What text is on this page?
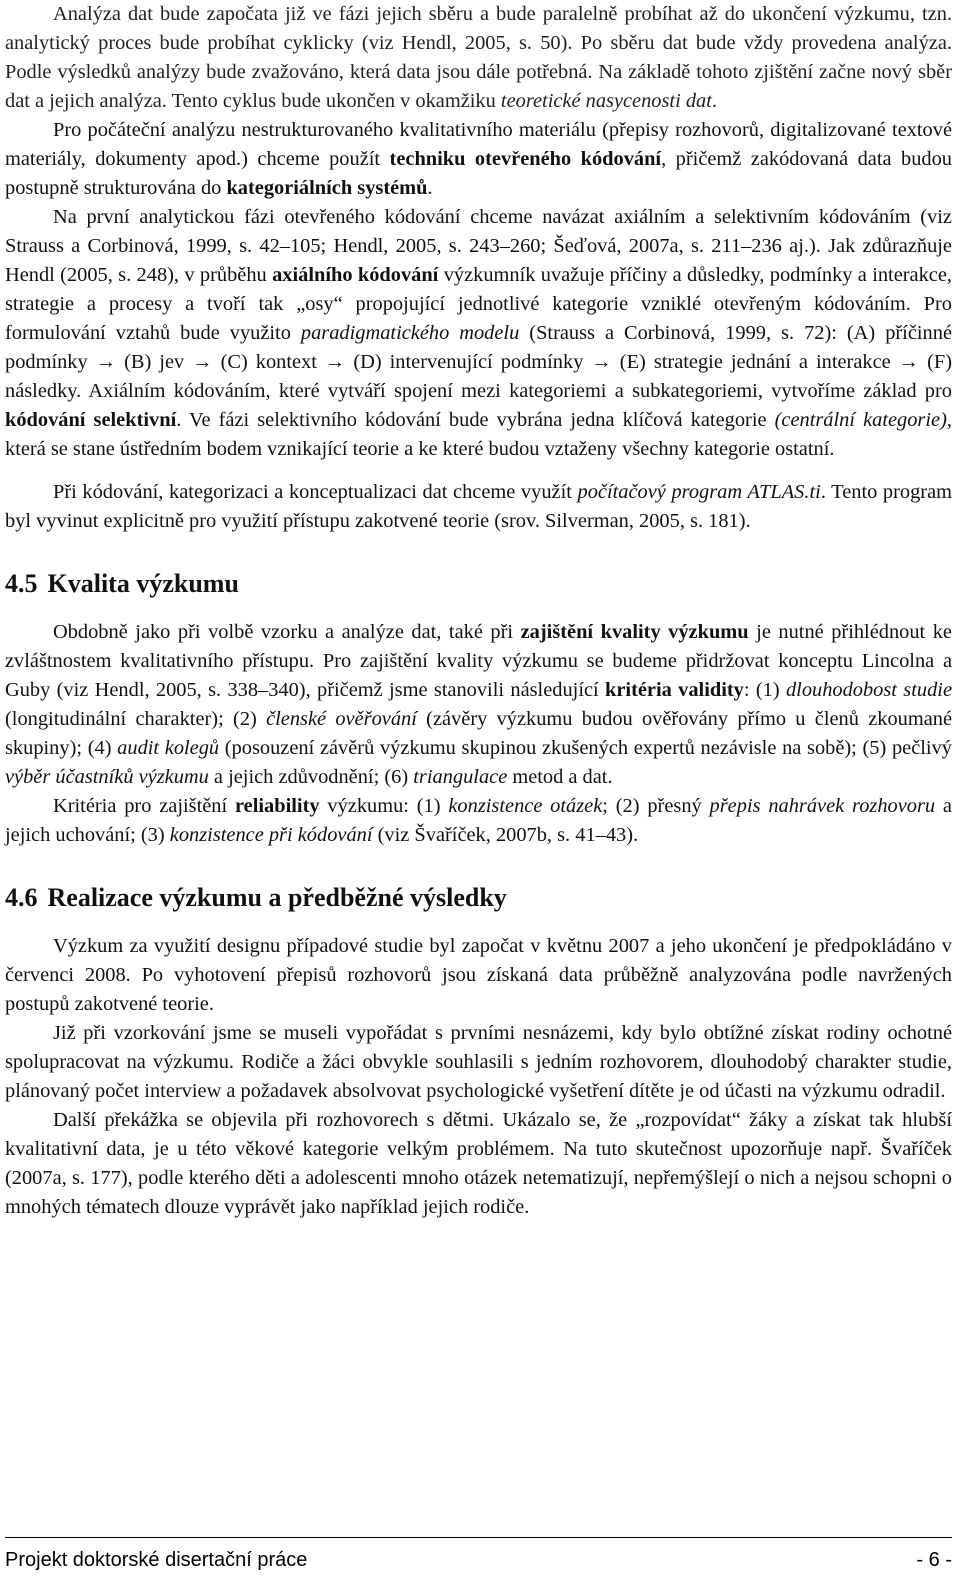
Analýza dat bude započata již ve fázi jejich sběru a bude paralelně probíhat až do ukončení výzkumu, tzn. analytický proces bude probíhat cyklicky (viz Hendl, 2005, s. 50). Po sběru dat bude vždy provedena analýza. Podle výsledků analýzy bude zvažováno, která data jsou dále potřebná. Na základě tohoto zjištění začne nový sběr dat a jejich analýza. Tento cyklus bude ukončen v okamžiku teoretické nasycenosti dat.

Pro počáteční analýzu nestrukturovaného kvalitativního materiálu (přepisy rozhovorů, digitalizované textové materiály, dokumenty apod.) chceme použít techniku otevřeného kódování, přičemž zakódovaná data budou postupně strukturována do kategoriálních systémů.

Na první analytickou fázi otevřeného kódování chceme navázat axiálním a selektivním kódováním (viz Strauss a Corbinová, 1999, s. 42–105; Hendl, 2005, s. 243–260; Šeďová, 2007a, s. 211–236 aj.). Jak zdůrazňuje Hendl (2005, s. 248), v průběhu axiálního kódování výzkumník uvažuje příčiny a důsledky, podmínky a interakce, strategie a procesy a tvoří tak „osy“ propojující jednotlivé kategorie vzniklé otevřeným kódováním. Pro formulování vztahů bude využito paradigmatického modelu (Strauss a Corbinová, 1999, s. 72): (A) příčinné podmínky → (B) jev → (C) kontext → (D) intervenující podmínky → (E) strategie jednání a interakce → (F) následky. Axiálním kódováním, které vytváří spojení mezi kategoriemi a subkategoriemi, vytvoříme základ pro kódování selektivní. Ve fázi selektivního kódování bude vybrána jedna klíčová kategorie (centrální kategorie), která se stane ústředním bodem vznikající teorie a ke které budou vztaženy všechny kategorie ostatní.

Při kódování, kategorizaci a konceptualizaci dat chceme využít počítačový program ATLAS.ti. Tento program byl vyvinut explicitně pro využití přístupu zakotvené teorie (srov. Silverman, 2005, s. 181).

4.5 Kvalita výzkumu

Obdobně jako při volbě vzorku a analýze dat, také při zajištění kvality výzkumu je nutné přihlédnout ke zvláštnostem kvalitativního přístupu. Pro zajištění kvality výzkumu se budeme přidržovat konceptu Lincolna a Guby (viz Hendl, 2005, s. 338–340), přičemž jsme stanovili následující kritéria validity: (1) dlouhodobost studie (longitudinální charakter); (2) členské ověřování (závěry výzkumu budou ověřovány přímo u členů zkoumané skupiny); (4) audit kolegů (posouzení závěrů výzkumu skupinou zkušených expertů nezávisle na sobě); (5) pečlivý výběr účastníků výzkumu a jejich zdůvodnění; (6) triangulace metod a dat.

Kritéria pro zajištění reliability výzkumu: (1) konzistence otázek; (2) přesný přepis nahrávek rozhovoru a jejich uchování; (3) konzistence při kódování (viz Švaříček, 2007b, s. 41–43).

4.6 Realizace výzkumu a předběžné výsledky

Výzkum za využití designu případové studie byl započat v květnu 2007 a jeho ukončení je předpokládáno v červenci 2008. Po vyhotovení přepisů rozhovorů jsou získaná data průběžně analyzována podle navržených postupů zakotvené teorie.

Již při vzorkování jsme se museli vypořádat s prvními nesnázemi, kdy bylo obtížné získat rodiny ochotné spolupracovat na výzkumu. Rodiče a žáci obvykle souhlasili s jedním rozhovorem, dlouhodobý charakter studie, plánovaný počet interview a požadavek absolvovat psychologické vyšetření dítěte je od účasti na výzkumu odradil.

Další překážka se objevila při rozhovorech s dětmi. Ukázalo se, že „rozpovídat“ žáky a získat tak hlubší kvalitativní data, je u této věkové kategorie velkým problémem. Na tuto skutečnost upozorňuje např. Švaříček (2007a, s. 177), podle kterého děti a adolescenti mnoho otázek netematizují, nepřemýšlejí o nich a nejsou schopni o mnohých tématech dlouze vyprávět jako například jejich rodiče.

Projekt doktorské disertační práce	- 6 -
